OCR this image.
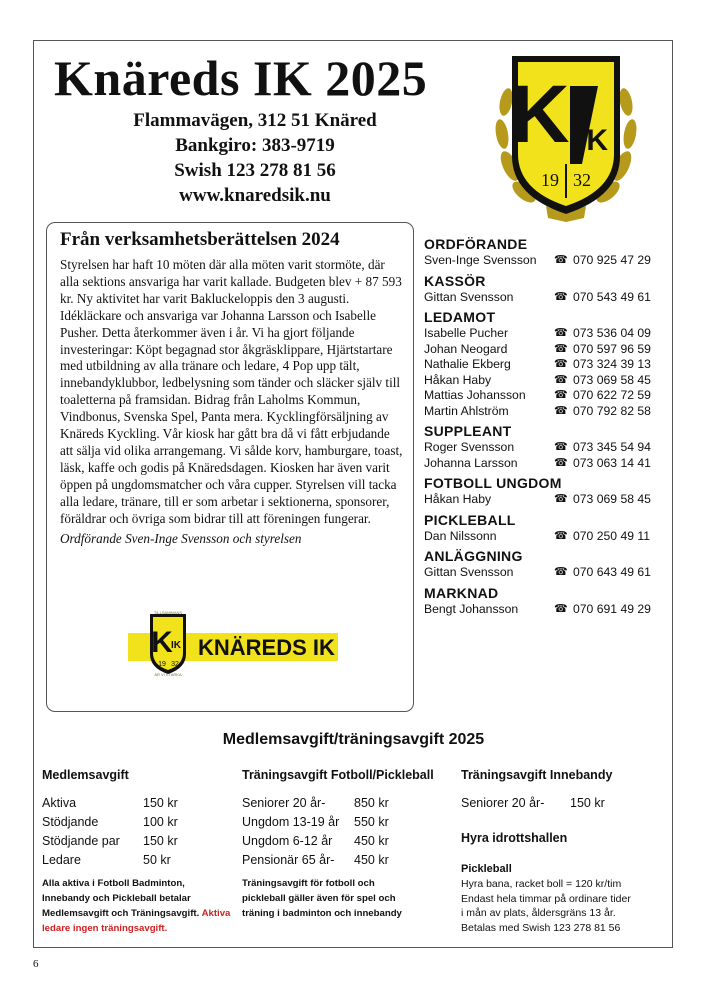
Knäreds IK 2025
Flammavägen, 312 51 Knäred
Bankgiro: 383-9719
Swish 123 278 81 56
www.knaredsik.nu
K IK
19 32
Från verksamhetsberättelsen 2024

Styrelsen har haft 10 möten där alla möten varit stormöte, där alla sektions ansvariga har varit kallade. Budgeten blev + 87 593 kr. Ny aktivitet har varit Bakluckeloppis den 3 augusti. Idékläckare och ansvariga var Johanna Larsson och Isabelle Pusher. Detta återkommer även i år. Vi ha gjort följande investeringar: Köpt begagnad stor åkgräsklippare, Hjärtstartare med utbildning av alla tränare och ledare, 4 Pop upp tält, innebandyklubbor, ledbelysning som tänder och släcker själv till toaletterna på framsidan. Bidrag från Laholms Kommun, Vindbonus, Svenska Spel, Panta mera. Kycklingförsäljning av Knäreds Kyckling. Vår kiosk har gått bra då vi fått erbjudande att sälja vid olika arrangemang. Vi sålde korv, hamburgare, toast, läsk, kaffe och godis på Knäredsdagen. Kiosken har även varit öppen på ungdomsmatcher och våra cupper. Styrelsen vill tacka alla ledare, tränare, till er som arbetar i sektionerna, sponsorer, föräldrar och övriga som bidrar till att föreningen fungerar.

Ordförande Sven-Inge Svensson och styrelsen

K
IK
19 32
TILLSAMMANS
ÄR VI STARKA
KNÄREDS IK
ORDFÖRANDE
Sven-Inge Svensson	☎ 070 925 47 29
KASSÖR
Gittan Svensson	☎ 070 543 49 61
LEDAMOT
Isabelle Pucher	☎ 073 536 04 09
Johan Neogard	☎ 070 597 96 59
Nathalie Ekberg	☎ 073 324 39 13
Håkan Haby	☎ 073 069 58 45
Mattias Johansson	☎ 070 622 72 59
Martin Ahlström	☎ 070 792 82 58
SUPPLEANT
Roger Svensson	☎ 073 345 54 94
Johanna Larsson	☎ 073 063 14 41
FOTBOLL UNGDOM
Håkan Haby	☎ 073 069 58 45
PICKLEBALL
Dan Nilssonn	☎ 070 250 49 11
ANLÄGGNING
Gittan Svensson	☎ 070 643 49 61
MARKNAD
Bengt Johansson	☎ 070 691 49 29
Medlemsavgift/träningsavgift 2025
Medlemsavgift
Aktiva	150 kr
Stödjande	100 kr
Stödjande par	150 kr
Ledare	50 kr
Alla aktiva i Fotboll Badminton, Innebandy och Pickleball betalar Medlemsavgift och Träningsavgift. Aktiva ledare ingen träningsavgift.
Träningsavgift Fotboll/Pickleball
Seniorer 20 år-	850 kr
Ungdom 13-19 år	550 kr
Ungdom 6-12 år	450 kr
Pensionär 65 år-	450 kr
Träningsavgift för fotboll och pickleball gäller även för spel och träning i badminton och innebandy
Träningsavgift Innebandy
Seniorer 20 år-	150 kr
Hyra idrottshallen
Pickleball
Hyra bana, racket boll = 120 kr/tim
Endast hela timmar på ordinare tider
i mån av plats, åldersgräns 13 år.
Betalas med Swish 123 278 81 56
6
